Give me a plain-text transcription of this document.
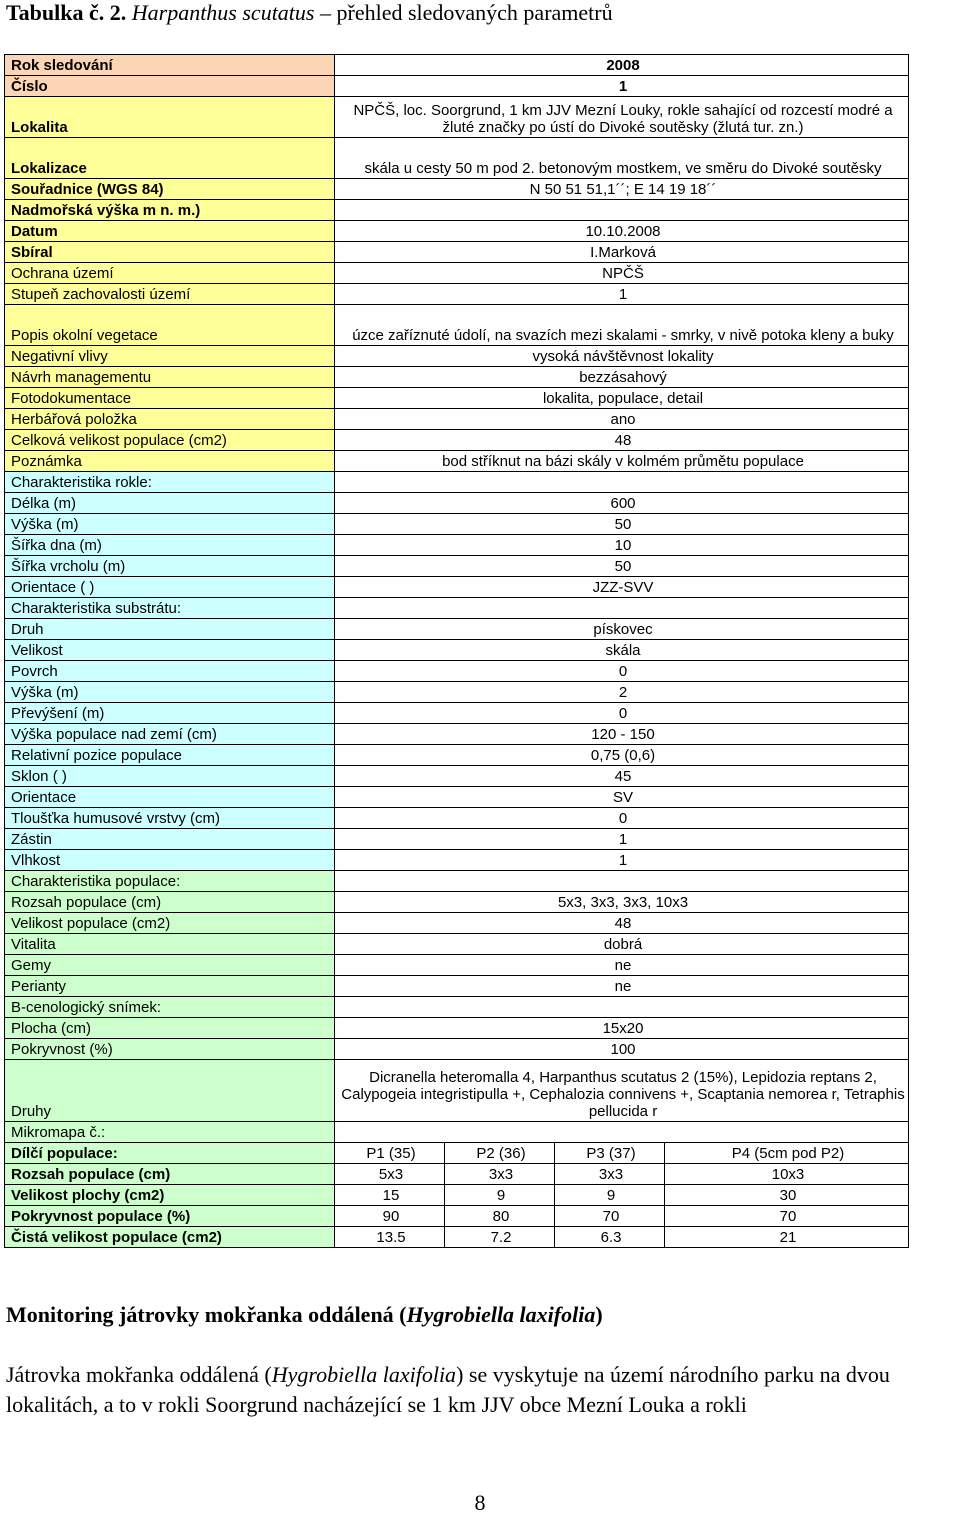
Tabulka č. 2. Harpanthus scutatus – přehled sledovaných parametrů
Rok sledování	2008			
Číslo	1			
Lokalita	NPČŠ, loc. Soorgrund, 1 km JJV Mezní Louky, rokle sahající od rozcestí modré a žluté značky po ústí do Divoké soutěsky (žlutá tur. zn.)			
Lokalizace	skála u cesty 50 m pod 2. betonovým mostkem, ve směru do Divoké soutěsky			
Souřadnice (WGS 84)	N 50 51 51,1´´; E 14 19 18´´			
Nadmořská výška m n. m.)				
Datum	10.10.2008			
Sbíral	I.Marková			
Ochrana území	NPČŠ			
Stupeň zachovalosti území	1			
Popis okolní vegetace	úzce zaříznuté údolí, na svazích mezi skalami - smrky, v nivě potoka kleny a buky			
Negativní vlivy	vysoká návštěvnost lokality			
Návrh managementu	bezzásahový			
Fotodokumentace	lokalita, populace, detail			
Herbářová položka	ano			
Celková velikost populace (cm2)	48			
Poznámka	bod stříknut na bázi skály v kolmém průmětu populace			
Charakteristika rokle:				
Délka (m)	600			
Výška (m)	50			
Šířka dna (m)	10			
Šířka vrcholu (m)	50			
Orientace ( )	JZZ-SVV			
Charakteristika substrátu:				
Druh	pískovec			
Velikost	skála			
Povrch	0			
Výška (m)	2			
Převýšení (m)	0			
Výška populace nad zemí (cm)	120 - 150			
Relativní pozice populace	0,75 (0,6)			
Sklon ( )	45			
Orientace	SV			
Tloušťka humusové vrstvy (cm)	0			
Zástin	1			
Vlhkost	1			
Charakteristika populace:				
Rozsah populace (cm)	5x3, 3x3, 3x3, 10x3			
Velikost populace (cm2)	48			
Vitalita	dobrá			
Gemy	ne			
Perianty	ne			
B-cenologický snímek:				
Plocha (cm)	15x20			
Pokryvnost (%)	100			
Druhy	Dicranella heteromalla 4, Harpanthus scutatus 2 (15%), Lepidozia reptans 2, Calypogeia integristipulla +, Cephalozia connivens +, Scaptania nemorea r, Tetraphis pellucida r			
Mikromapa č.:				
Dílčí populace:	P1 (35)	P2 (36)	P3 (37)	P4 (5cm pod P2)
Rozsah populace (cm)	5x3	3x3	3x3	10x3
Velikost plochy (cm2)	15	9	9	30
Pokryvnost populace (%)	90	80	70	70
Čistá velikost populace (cm2)	13.5	7.2	6.3	21
Monitoring játrovky mokřanka oddálená (Hygrobiella laxifolia)
Játrovka mokřanka oddálená (Hygrobiella laxifolia) se vyskytuje na území národního parku na dvou lokalitách, a to v rokli Soorgrund nacházející se 1 km JJV obce Mezní Louka a rokli
8
